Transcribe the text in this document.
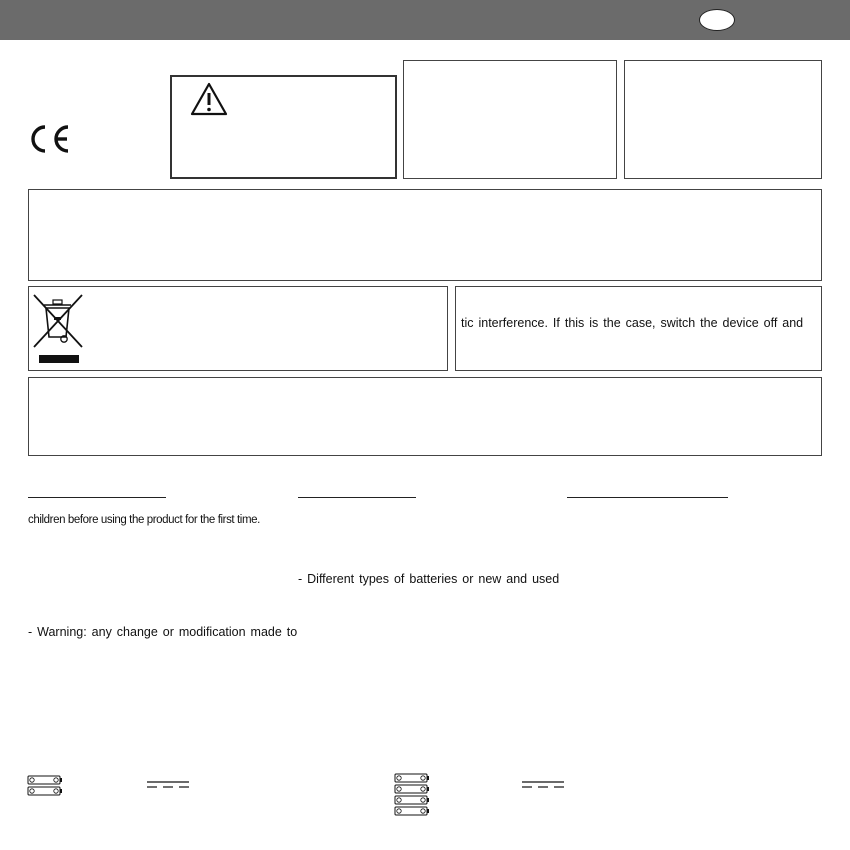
tic interference. If this is the case, switch the device off and
children before using the product for the first time.
- Different types of batteries or new and used
- Warning: any change or modification made to
